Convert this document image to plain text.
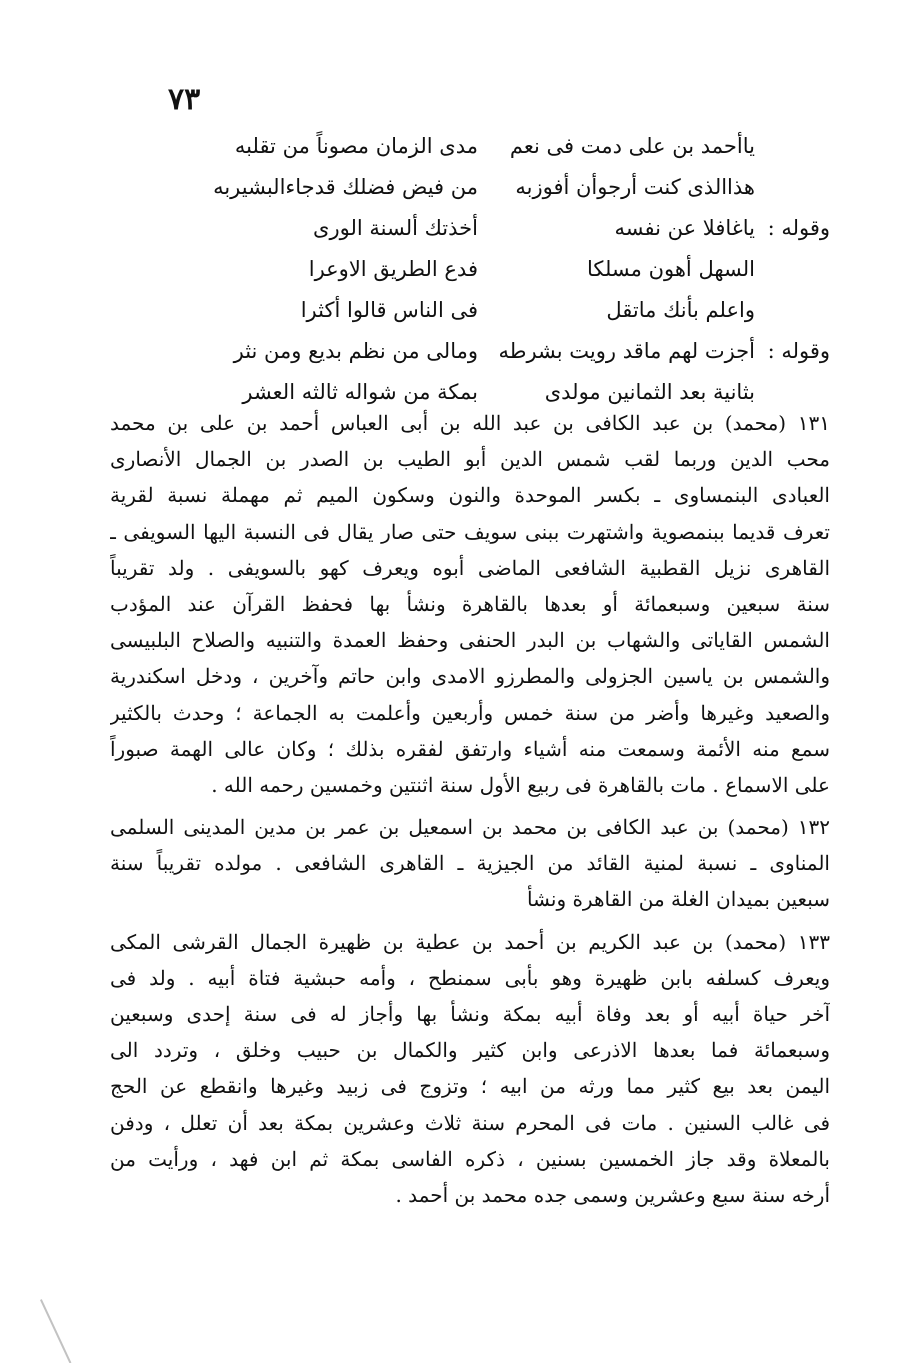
٧٣
ياأحمد بن على دمت فى نعم
مدى الزمان مصوناً من تقلبه
هذاالذى كنت أرجوأن أفوزبه
من فيض فضلك قدجاءالبشيربه
وقوله :
ياغافلا عن نفسه
أخذتك ألسنة الورى
السهل أهون مسلكا
فدع الطريق الاوعرا
واعلم بأنك ماتقل
فى الناس قالوا أكثرا
وقوله :
أجزت لهم ماقد رويت بشرطه
ومالى من نظم بديع ومن نثر
بثانية بعد الثمانين مولدى
بمكة من شواله ثالثه العشر
١٣١ (محمد) بن عبد الكافى بن عبد الله بن أبى العباس أحمد بن على بن محمد
محب الدين وربما لقب شمس الدين أبو الطيب بن الصدر بن الجمال الأنصارى
العبادى البنمساوى ـ بكسر الموحدة والنون وسكون الميم ثم مهملة نسبة لقرية
تعرف قديما ببنمصوية واشتهرت ببنى سويف حتى صار يقال فى النسبة اليها السويفى ـ
القاهرى نزيل القطبية الشافعى الماضى أبوه ويعرف كهو بالسويفى . ولد تقريباً
سنة سبعين وسبعمائة أو بعدها بالقاهرة ونشأ بها فحفظ القرآن عند المؤدب
الشمس القاياتى والشهاب بن البدر الحنفى وحفظ العمدة والتنبيه والصلاح البلبيسى
والشمس بن ياسين الجزولى والمطرزو الامدى وابن حاتم وآخرين ، ودخل اسكندرية
والصعيد وغيرها وأضر من سنة خمس وأربعين وأعلمت به الجماعة ؛ وحدث بالكثير
سمع منه الأئمة وسمعت منه أشياء وارتفق لفقره بذلك ؛ وكان عالى الهمة صبوراً
على الاسماع . مات بالقاهرة فى ربيع الأول سنة اثنتين وخمسين رحمه الله .
١٣٢ (محمد) بن عبد الكافى بن محمد بن اسمعيل بن عمر بن مدين المدينى السلمى
المناوى ـ نسبة لمنية القائد من الجيزية ـ القاهرى الشافعى . مولده تقريباً سنة
سبعين بميدان الغلة من القاهرة ونشأ
١٣٣ (محمد) بن عبد الكريم بن أحمد بن عطية بن ظهيرة الجمال القرشى المكى
ويعرف كسلفه بابن ظهيرة وهو بأبى سمنطح ، وأمه حبشية فتاة أبيه . ولد فى
آخر حياة أبيه أو بعد وفاة أبيه بمكة ونشأ بها وأجاز له فى سنة إحدى وسبعين
وسبعمائة فما بعدها الاذرعى وابن كثير والكمال بن حبيب وخلق ، وتردد الى
اليمن بعد بيع كثير مما ورثه من ابيه ؛ وتزوج فى زبيد وغيرها وانقطع عن الحج
فى غالب السنين . مات فى المحرم سنة ثلاث وعشرين بمكة بعد أن تعلل ، ودفن
بالمعلاة وقد جاز الخمسين بسنين ، ذكره الفاسى بمكة ثم ابن فهد ، ورأيت من
أرخه سنة سبع وعشرين وسمى جده محمد بن أحمد .
